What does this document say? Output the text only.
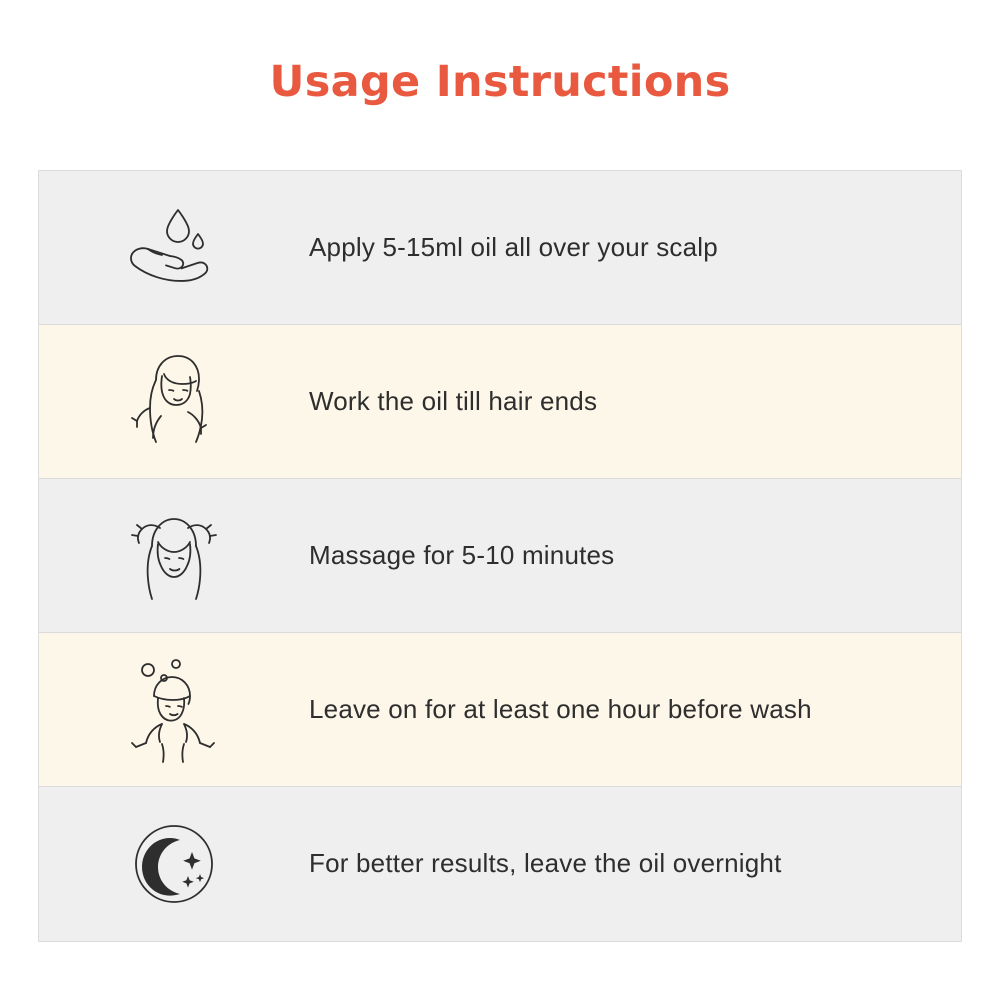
Usage Instructions
Apply 5-15ml oil all over your scalp
Work the oil till hair ends
Massage for 5-10 minutes
Leave on for at least one hour before wash
For better results, leave the oil overnight
